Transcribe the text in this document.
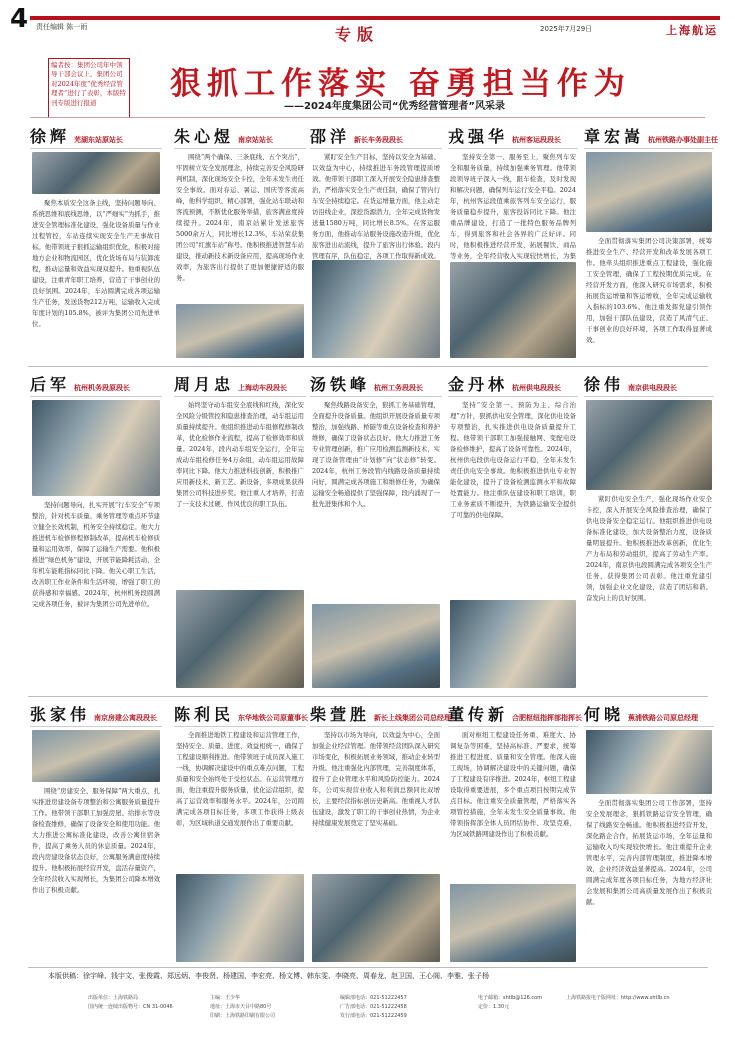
4 责任编辑 陈一雨	专版	2025年7月29日	上海航运
编者按：集团公司年中领导干部会议上，集团公司对2024年度“优秀经营管理者”进行了表彰，本版特刊专版进行报道
狠抓工作落实 奋勇担当作为
——2024年度集团公司“优秀经营管理者”风采录
徐辉 芜湖东站原站长
聚焦本质安全这条主线，坚持问题导向、系统思维和底线思维，以“严细实”为抓手，推进安全管理标准化建设，强化设备质量与作业过程管控，车站连续实现安全生产无事故目标。他带领班子狠抓运输组织优化，积极对接地方企业和物流园区，优化货场布局与装卸流程，推动运量和效益实现双提升。他重视队伍建设，注重青年职工培养，营造了干事创业的良好氛围。2024年，车站圆满完成各项运输生产任务，发送货物212万吨，运输收入完成年度计划的105.8%，被评为集团公司先进单位。
朱心煜 南京站站长
围绕“两个确保、三条底线、五个突出”，牢固树立安全发展理念，持续完善安全风险研判机制，深化现场安全卡控，全年未发生责任安全事故。面对春运、暑运、国庆等客流高峰，他科学组织、精心部署，强化站车联动和客流预测，不断优化服务举措，旅客满意度持续提升。2024年，南京站累计发送旅客5000余万人，同比增长12.3%，车站荣获集团公司“红旗车站”称号。他积极推进智慧车站建设，推动新技术新设备应用，提高现场作业效率，为旅客出行提供了更加便捷舒适的服务。
邵洋 新长车务段段长
紧盯安全生产目标，坚持以安全为基础、以效益为中心，持续推进车务段管理提质增效。他带领干部职工深入开展安全隐患排查整治，严格落实安全生产责任制，确保了管内行车安全持续稳定。在货运增量方面，他主动走访沿线企业，深挖货源潜力，全年完成货物发送量1580万吨，同比增长8.5%。在客运服务方面，他推动车站服务设施改造升级，优化旅客进出站流线，提升了旅客出行体验。段内管理有序，队伍稳定，各项工作取得新成效。
戎强华 杭州客运段段长
坚持安全第一、服务至上，聚焦列车安全和服务质量，持续加强乘务管理。他带领段领导班子深入一线，跟车检查，及时发现和解决问题，确保列车运行安全平稳。2024年，杭州客运段值乘旅客列车安全运行，服务质量稳步提升，旅客投诉同比下降。他注重品牌建设，打造了一批特色服务品牌列车，得到旅客和社会各界的广泛好评。同时，他积极推进经营开发，拓展餐饮、商品等业务，全年经营收入实现较快增长，为集
章宏嵩 杭州铁路办事处副主任
全面贯彻落实集团公司决策部署，统筹推进安全生产、经营开发和改革发展各项工作。他牵头组织推进重点工程建设，强化施工安全管理，确保了工程按期优质完成。在经营开发方面，他深入研究市场需求，积极拓展货运增量和客运增收，全年完成运输收入指标的103.6%。他注重发挥党建引领作用，加强干部队伍建设，营造了风清气正、干事创业的良好环境，各项工作取得显著成效。
后军 杭州机务段原段长
坚持问题导向，扎实开展“行车安全”专项整治，针对机车质量、乘务管理等重点环节建立健全长效机制，机务安全持续稳定。他大力推进机车检修修程修制改革，提高机车检修质量和运用效率，保障了运输生产需要。他积极推进“绿色机务”建设，开展节能降耗活动，全年机车能耗指标同比下降。他关心职工生活，改善职工作业条件和生活环境，增强了职工的获得感和幸福感。2024年，杭州机务段圆满完成各项任务，被评为集团公司先进单位。
周月忠 上海动车段段长
始终坚守动车组安全底线和红线，深化安全风险分级管控和隐患排查治理，动车组运用质量持续提升。他组织推进动车组修程修制改革，优化检修作业流程，提高了检修效率和质量。2024年，段内动车组安全运行，全年完成动车组检修任务4万余组，动车组运用故障率同比下降。他大力推进科技创新，积极推广应用新技术、新工艺、新设备，多项成果获得集团公司科技进步奖。他注重人才培养，打造了一支技术过硬、作风优良的职工队伍。
汤铁峰 杭州工务段段长
聚焦线路设备安全，狠抓工务基础管理，全面提升设备质量。他组织开展设备质量专项整治，加强线路、桥隧等重点设备检查和养护维修，确保了设备状态良好。他大力推进工务专业管理创新，推广应用检测监测新技术，实现了设备管理由“计划修”向“状态修”转变。2024年，杭州工务段管内线路设备质量持续向好，圆满完成各项施工和维修任务，为确保运输安全畅通提供了坚强保障，段内涌现了一批先进集体和个人。
金丹林 杭州供电段段长
坚持“安全第一、预防为主、综合治理”方针，狠抓供电安全管理，深化供电设备专项整治，扎实推进供电设备质量提升工程。他带领干部职工加强接触网、变配电设备检修维护，提高了设备可靠性。2024年，杭州供电段供电设备运行平稳，全年未发生责任供电安全事故。他积极推进供电专业智能化建设，提升了设备检测监测水平和故障处置能力。他注重队伍建设和职工培训，职工业务素质不断提升，为铁路运输安全提供了可靠的供电保障。
徐伟 南京供电段段长
紧盯供电安全生产，强化现场作业安全卡控，深入开展安全风险排查治理，确保了供电设备安全稳定运行。他组织推进供电设备标准化建设，加大设备整治力度，设备质量明显提升。他积极推进改革创新，优化生产力布局和劳动组织，提高了劳动生产率。2024年，南京供电段圆满完成各项安全生产任务，获得集团公司表彰。他注重党建引领，加强企业文化建设，营造了团结和谐、奋发向上的良好氛围。
张家伟 南京房建公寓段段长
围绕“房建安全、服务保障”两大重点，扎实推进房建设备专项整治和公寓服务质量提升工作。他带领干部职工加强房屋、给排水等设备检查维修，确保了设备安全和使用功能。他大力推进公寓标准化建设，改善公寓住宿条件，提高了乘务人员的休息质量。2024年，段内房建设备状态良好，公寓服务满意度持续提升。他积极拓展经营开发，盘活存量资产，全年经营收入实现增长，为集团公司降本增效作出了积极贡献。
陈利民 东华地铁公司原董事长
全面推进地铁工程建设和运营管理工作，坚持安全、质量、进度、效益相统一，确保了工程建设顺利推进。他带领班子成员深入施工一线，协调解决建设中的重点难点问题，工程质量和安全始终处于受控状态。在运营管理方面，他注重提升服务质量，优化运营组织，提高了运营效率和服务水平。2024年，公司圆满完成各项目标任务，多项工作获得上级表彰，为区域轨道交通发展作出了重要贡献。
柴萱胜 新长上线集团公司总经理
坚持以市场为导向，以效益为中心，全面加强企业经营管理。他带领经营团队深入研究市场变化，积极拓展业务领域，推动企业转型升级。他注重强化内部管理，完善制度体系，提升了企业管理水平和风险防控能力。2024年，公司实现营业收入和利润总额同比双增长，主要经营指标创历史新高。他重视人才队伍建设，激发了职工的干事创业热情，为企业持续健康发展奠定了坚实基础。
董传新 合肥枢纽指挥部指挥长
面对枢纽工程建设任务重、难度大、协调复杂等困难，坚持高标准、严要求，统筹推进工程进度、质量和安全管理。他深入施工现场，协调解决建设中的关键问题，确保了工程建设有序推进。2024年，枢纽工程建设取得重要进展，多个重点项目按期完成节点目标。他注重安全质量管理，严格落实各项管控措施，全年未发生安全质量事故。他带领指挥部全体人员团结协作、攻坚克难，为区域铁路网建设作出了积极贡献。
何晓 蕉浦铁路公司原总经理
全面贯彻落实集团公司工作部署，坚持安全发展理念，狠抓铁路运营安全管理，确保了线路安全畅通。他积极推进经营开发，深化路企合作，拓展货运市场，全年运量和运输收入均实现较快增长。他注重提升企业管理水平，完善内部管理制度，推进降本增效，企业经济效益显著提高。2024年，公司圆满完成年度各项目标任务，为地方经济社会发展和集团公司高质量发展作出了积极贡献。
本版供稿：徐宇峰、钱宇文、张俊霞、郑远炳、李俊贤、杨建国、李宏亮、杨文博、韩东雯、李晓亮、周春龙、赵卫国、王心阁、李雅、张子杨
出版单位：上海铁路局
国内统一连续出版物号：CN 31-0046
主编：王少华
地址：上海市天目中路80号
印刷：上海铁路印刷有限公司
编辑部电话：021-51222457
广告部电话：021-51222458
发行部电话：021-51222459
电子邮箱：shtlb@126.com
定价：1.30元
上海铁路报电子版网址：http://www.shtlb.cn
